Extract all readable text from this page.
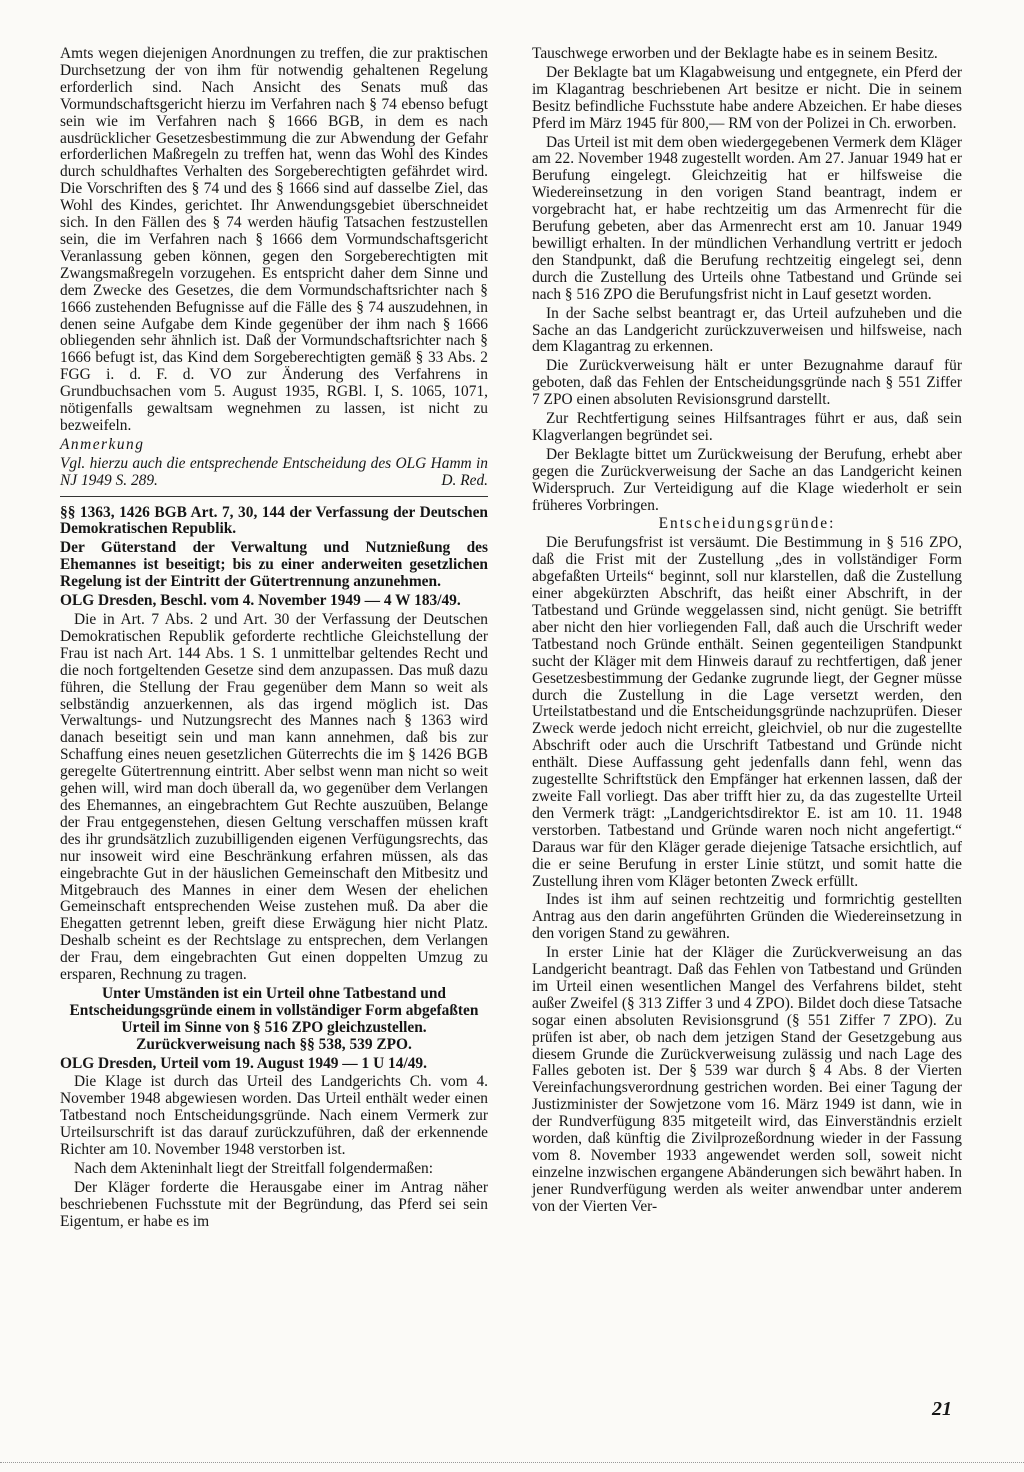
Amts wegen diejenigen Anordnungen zu treffen, die zur praktischen Durchsetzung der von ihm für notwendig gehaltenen Regelung erforderlich sind. Nach Ansicht des Senats muß das Vormundschaftsgericht hierzu im Verfahren nach § 74 ebenso befugt sein wie im Verfahren nach § 1666 BGB, in dem es nach ausdrücklicher Gesetzesbestimmung die zur Abwendung der Gefahr erforderlichen Maßregeln zu treffen hat, wenn das Wohl des Kindes durch schuldhaftes Verhalten des Sorgeberechtigten gefährdet wird. Die Vorschriften des § 74 und des § 1666 sind auf dasselbe Ziel, das Wohl des Kindes, gerichtet. Ihr Anwendungsgebiet überschneidet sich. In den Fällen des § 74 werden häufig Tatsachen festzustellen sein, die im Verfahren nach § 1666 dem Vormundschaftsgericht Veranlassung geben können, gegen den Sorgeberechtigten mit Zwangsmaßregeln vorzugehen. Es entspricht daher dem Sinne und dem Zwecke des Gesetzes, die dem Vormundschaftsrichter nach § 1666 zustehenden Befugnisse auf die Fälle des § 74 auszudehnen, in denen seine Aufgabe dem Kinde gegenüber der ihm nach § 1666 obliegenden sehr ähnlich ist. Daß der Vormundschaftsrichter nach § 1666 befugt ist, das Kind dem Sorgeberechtigten gemäß § 33 Abs. 2 FGG i. d. F. d. VO zur Änderung des Verfahrens in Grundbuchsachen vom 5. August 1935, RGBl. I, S. 1065, 1071, nötigenfalls gewaltsam wegnehmen zu lassen, ist nicht zu bezweifeln.

Anmerkung

Vgl. hierzu auch die entsprechende Entscheidung des OLG Hamm in NJ 1949 S. 289.	D. Red.

§§ 1363, 1426 BGB Art. 7, 30, 144 der Verfassung der Deutschen Demokratischen Republik.

Der Güterstand der Verwaltung und Nutznießung des Ehemannes ist beseitigt; bis zu einer anderweiten gesetzlichen Regelung ist der Eintritt der Gütertrennung anzunehmen.

OLG Dresden, Beschl. vom 4. November 1949 — 4 W 183/49.

Die in Art. 7 Abs. 2 und Art. 30 der Verfassung der Deutschen Demokratischen Republik geforderte rechtliche Gleichstellung der Frau ist nach Art. 144 Abs. 1 S. 1 unmittelbar geltendes Recht und die noch fortgeltenden Gesetze sind dem anzupassen. Das muß dazu führen, die Stellung der Frau gegenüber dem Mann so weit als selbständig anzuerkennen, als das irgend möglich ist. Das Verwaltungs- und Nutzungsrecht des Mannes nach § 1363 wird danach beseitigt sein und man kann annehmen, daß bis zur Schaffung eines neuen gesetzlichen Güterrechts die im § 1426 BGB geregelte Gütertrennung eintritt. Aber selbst wenn man nicht so weit gehen will, wird man doch überall da, wo gegenüber dem Verlangen des Ehemannes, an eingebrachtem Gut Rechte auszuüben, Belange der Frau entgegenstehen, diesen Geltung verschaffen müssen kraft des ihr grundsätzlich zuzubilligenden eigenen Verfügungsrechts, das nur insoweit wird eine Beschränkung erfahren müssen, als das eingebrachte Gut in der häuslichen Gemeinschaft den Mitbesitz und Mitgebrauch des Mannes in einer dem Wesen der ehelichen Gemeinschaft entsprechenden Weise zustehen muß. Da aber die Ehegatten getrennt leben, greift diese Erwägung hier nicht Platz. Deshalb scheint es der Rechtslage zu entsprechen, dem Verlangen der Frau, dem eingebrachten Gut einen doppelten Umzug zu ersparen, Rechnung zu tragen.

Unter Umständen ist ein Urteil ohne Tatbestand und Entscheidungsgründe einem in vollständiger Form abgefaßten Urteil im Sinne von § 516 ZPO gleichzustellen. Zurückverweisung nach §§ 538, 539 ZPO.

OLG Dresden, Urteil vom 19. August 1949 — 1 U 14/49.

Die Klage ist durch das Urteil des Landgerichts Ch. vom 4. November 1948 abgewiesen worden. Das Urteil enthält weder einen Tatbestand noch Entscheidungsgründe. Nach einem Vermerk zur Urteilsurschrift ist das darauf zurückzuführen, daß der erkennende Richter am 10. November 1948 verstorben ist.

Nach dem Akteninhalt liegt der Streitfall folgendermaßen:

Der Kläger forderte die Herausgabe einer im Antrag näher beschriebenen Fuchsstute mit der Begründung, das Pferd sei sein Eigentum, er habe es im

Tauschwege erworben und der Beklagte habe es in seinem Besitz.

Der Beklagte bat um Klagabweisung und entgegnete, ein Pferd der im Klagantrag beschriebenen Art besitze er nicht. Die in seinem Besitz befindliche Fuchsstute habe andere Abzeichen. Er habe dieses Pferd im März 1945 für 800,— RM von der Polizei in Ch. erworben.

Das Urteil ist mit dem oben wiedergegebenen Vermerk dem Kläger am 22. November 1948 zugestellt worden. Am 27. Januar 1949 hat er Berufung eingelegt. Gleichzeitig hat er hilfsweise die Wiedereinsetzung in den vorigen Stand beantragt, indem er vorgebracht hat, er habe rechtzeitig um das Armenrecht für die Berufung gebeten, aber das Armenrecht erst am 10. Januar 1949 bewilligt erhalten. In der mündlichen Verhandlung vertritt er jedoch den Standpunkt, daß die Berufung rechtzeitig eingelegt sei, denn durch die Zustellung des Urteils ohne Tatbestand und Gründe sei nach § 516 ZPO die Berufungsfrist nicht in Lauf gesetzt worden.

In der Sache selbst beantragt er, das Urteil aufzuheben und die Sache an das Landgericht zurückzuverweisen und hilfsweise, nach dem Klagantrag zu erkennen.

Die Zurückverweisung hält er unter Bezugnahme darauf für geboten, daß das Fehlen der Entscheidungsgründe nach § 551 Ziffer 7 ZPO einen absoluten Revisionsgrund darstellt.

Zur Rechtfertigung seines Hilfsantrages führt er aus, daß sein Klagverlangen begründet sei.

Der Beklagte bittet um Zurückweisung der Berufung, erhebt aber gegen die Zurückverweisung der Sache an das Landgericht keinen Widerspruch. Zur Verteidigung auf die Klage wiederholt er sein früheres Vorbringen.

Entscheidungsgründe:

Die Berufungsfrist ist versäumt. Die Bestimmung in § 516 ZPO, daß die Frist mit der Zustellung „des in vollständiger Form abgefaßten Urteils“ beginnt, soll nur klarstellen, daß die Zustellung einer abgekürzten Abschrift, das heißt einer Abschrift, in der Tatbestand und Gründe weggelassen sind, nicht genügt. Sie betrifft aber nicht den hier vorliegenden Fall, daß auch die Urschrift weder Tatbestand noch Gründe enthält. Seinen gegenteiligen Standpunkt sucht der Kläger mit dem Hinweis darauf zu rechtfertigen, daß jener Gesetzesbestimmung der Gedanke zugrunde liegt, der Gegner müsse durch die Zustellung in die Lage versetzt werden, den Urteilstatbestand und die Entscheidungsgründe nachzuprüfen. Dieser Zweck werde jedoch nicht erreicht, gleichviel, ob nur die zugestellte Abschrift oder auch die Urschrift Tatbestand und Gründe nicht enthält. Diese Auffassung geht jedenfalls dann fehl, wenn das zugestellte Schriftstück den Empfänger hat erkennen lassen, daß der zweite Fall vorliegt. Das aber trifft hier zu, da das zugestellte Urteil den Vermerk trägt: „Landgerichtsdirektor E. ist am 10. 11. 1948 verstorben. Tatbestand und Gründe waren noch nicht angefertigt.“ Daraus war für den Kläger gerade diejenige Tatsache ersichtlich, auf die er seine Berufung in erster Linie stützt, und somit hatte die Zustellung ihren vom Kläger betonten Zweck erfüllt.

Indes ist ihm auf seinen rechtzeitig und formrichtig gestellten Antrag aus den darin angeführten Gründen die Wiedereinsetzung in den vorigen Stand zu gewähren.

In erster Linie hat der Kläger die Zurückverweisung an das Landgericht beantragt. Daß das Fehlen von Tatbestand und Gründen im Urteil einen wesentlichen Mangel des Verfahrens bildet, steht außer Zweifel (§ 313 Ziffer 3 und 4 ZPO). Bildet doch diese Tatsache sogar einen absoluten Revisionsgrund (§ 551 Ziffer 7 ZPO). Zu prüfen ist aber, ob nach dem jetzigen Stand der Gesetzgebung aus diesem Grunde die Zurückverweisung zulässig und nach Lage des Falles geboten ist. Der § 539 war durch § 4 Abs. 8 der Vierten Vereinfachungsverordnung gestrichen worden. Bei einer Tagung der Justizminister der Sowjetzone vom 16. März 1949 ist dann, wie in der Rundverfügung 835 mitgeteilt wird, das Einverständnis erzielt worden, daß künftig die Zivilprozeßordnung wieder in der Fassung vom 8. November 1933 angewendet werden soll, soweit nicht einzelne inzwischen ergangene Abänderungen sich bewährt haben. In jener Rundverfügung werden als weiter anwendbar unter anderem von der Vierten Ver-

21
